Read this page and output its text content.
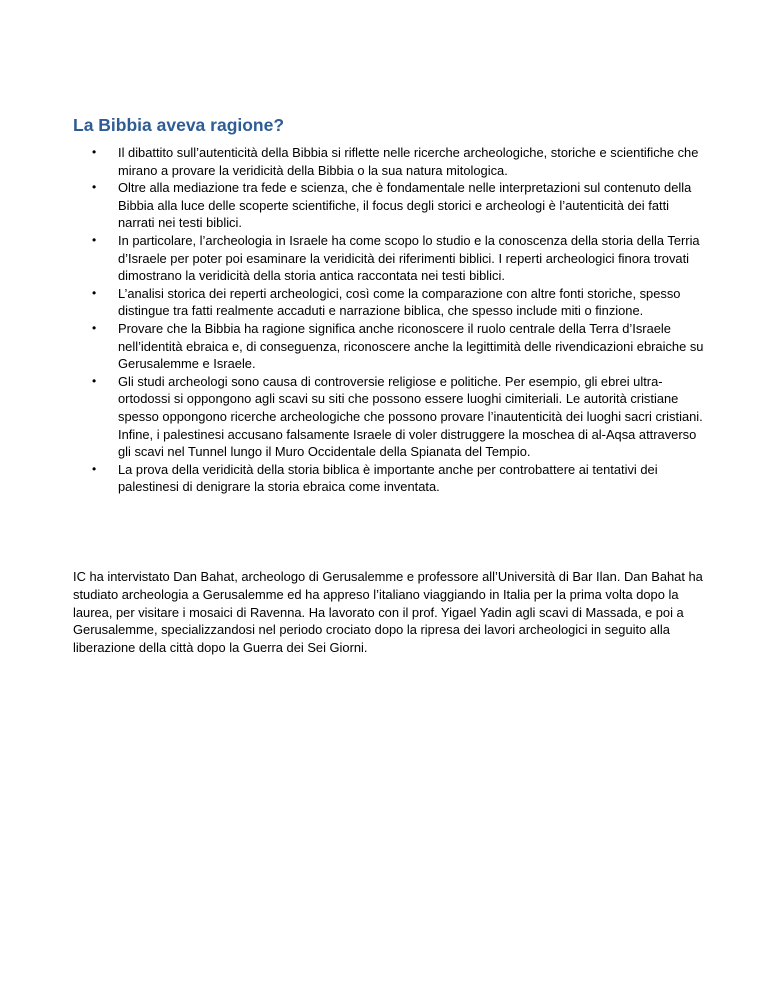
La Bibbia aveva ragione?
•	Il dibattito sull’autenticità della Bibbia si riflette nelle ricerche archeologiche, storiche e scientifiche che mirano a provare la veridicità della Bibbia o la sua natura mitologica.
•	Oltre alla mediazione tra fede e scienza, che è fondamentale nelle interpretazioni sul contenuto della Bibbia alla luce delle scoperte scientifiche, il focus degli storici e archeologi è l’autenticità dei fatti narrati nei testi biblici.
•	In particolare, l’archeologia in Israele ha come scopo lo studio e la conoscenza della storia della Terria d’Israele per poter poi esaminare la veridicità dei riferimenti biblici. I reperti archeologici finora trovati dimostrano la veridicità della storia antica raccontata nei testi biblici.
•	L’analisi storica dei reperti archeologici, così come la comparazione con altre fonti storiche, spesso distingue tra fatti realmente accaduti e narrazione biblica, che spesso include miti o finzione.
•	Provare che la Bibbia ha ragione significa anche riconoscere il ruolo centrale della Terra d’Israele nell’identità ebraica e, di conseguenza, riconoscere anche la legittimità delle rivendicazioni ebraiche su Gerusalemme e Israele.
•	Gli studi archeologi sono causa di controversie religiose e politiche. Per esempio, gli ebrei ultra-ortodossi si oppongono agli scavi su siti che possono essere luoghi cimiteriali. Le autorità cristiane spesso oppongono ricerche archeologiche che possono provare l’inautenticità dei luoghi sacri cristiani. Infine, i palestinesi accusano falsamente Israele di voler distruggere la moschea di al-Aqsa attraverso gli scavi nel Tunnel lungo il Muro Occidentale della Spianata del Tempio.
•	La prova della veridicità della storia biblica è importante anche per controbattere ai tentativi dei palestinesi di denigrare la storia ebraica come inventata.

IC ha intervistato Dan Bahat, archeologo di Gerusalemme e professore all’Università di Bar Ilan. Dan Bahat ha studiato archeologia a Gerusalemme ed ha appreso l’italiano viaggiando in Italia per la prima volta dopo la laurea, per visitare i mosaici di Ravenna. Ha lavorato con il prof. Yigael Yadin agli scavi di Massada, e poi a Gerusalemme, specializzandosi nel periodo crociato dopo la ripresa dei lavori archeologici in seguito alla liberazione della città dopo la Guerra dei Sei Giorni.
